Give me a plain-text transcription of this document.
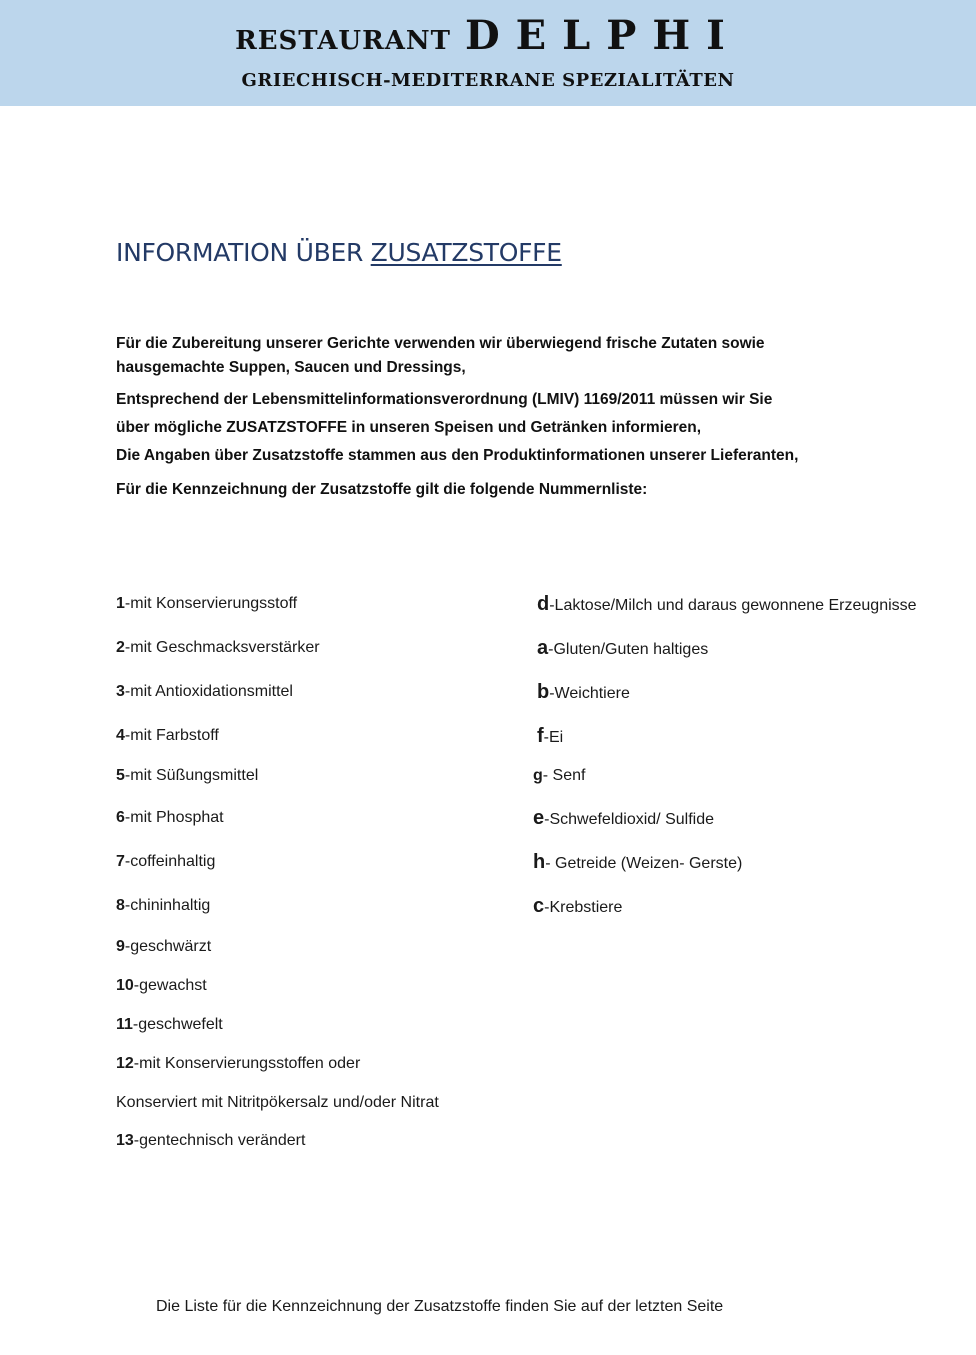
RESTAURANT DELPHI
GRIECHISCH-MEDITERRANE SPEZIALITÄTEN
INFORMATION ÜBER ZUSATZSTOFFE

Für die Zubereitung unserer Gerichte verwenden wir überwiegend frische Zutaten sowie

hausgemachte Suppen, Saucen und Dressings,

Entsprechend der Lebensmittelinformationsverordnung (LMIV) 1169/2011 müssen wir Sie

über mögliche ZUSATZSTOFFE in unseren Speisen und Getränken informieren,

Die Angaben über Zusatzstoffe stammen aus den Produktinformationen unserer Lieferanten,

Für die Kennzeichnung der Zusatzstoffe gilt die folgende Nummernliste:

1-mit Konservierungsstoff
2-mit Geschmacksverstärker
3-mit Antioxidationsmittel
4-mit Farbstoff
5-mit Süßungsmittel
6-mit Phosphat
7-coffeinhaltig
8-chininhaltig
9-geschwärzt
10-gewachst
11-geschwefelt
12-mit Konservierungsstoffen oder
Konserviert mit Nitritpökersalz und/oder Nitrat
13-gentechnisch verändert
d-Laktose/Milch und daraus gewonnene Erzeugnisse
a-Gluten/Guten haltiges
b-Weichtiere
f-Ei
g- Senf
e-Schwefeldioxid/ Sulfide
h- Getreide (Weizen- Gerste)
c-Krebstiere
Die Liste für die Kennzeichnung der Zusatzstoffe finden Sie auf der letzten Seite
